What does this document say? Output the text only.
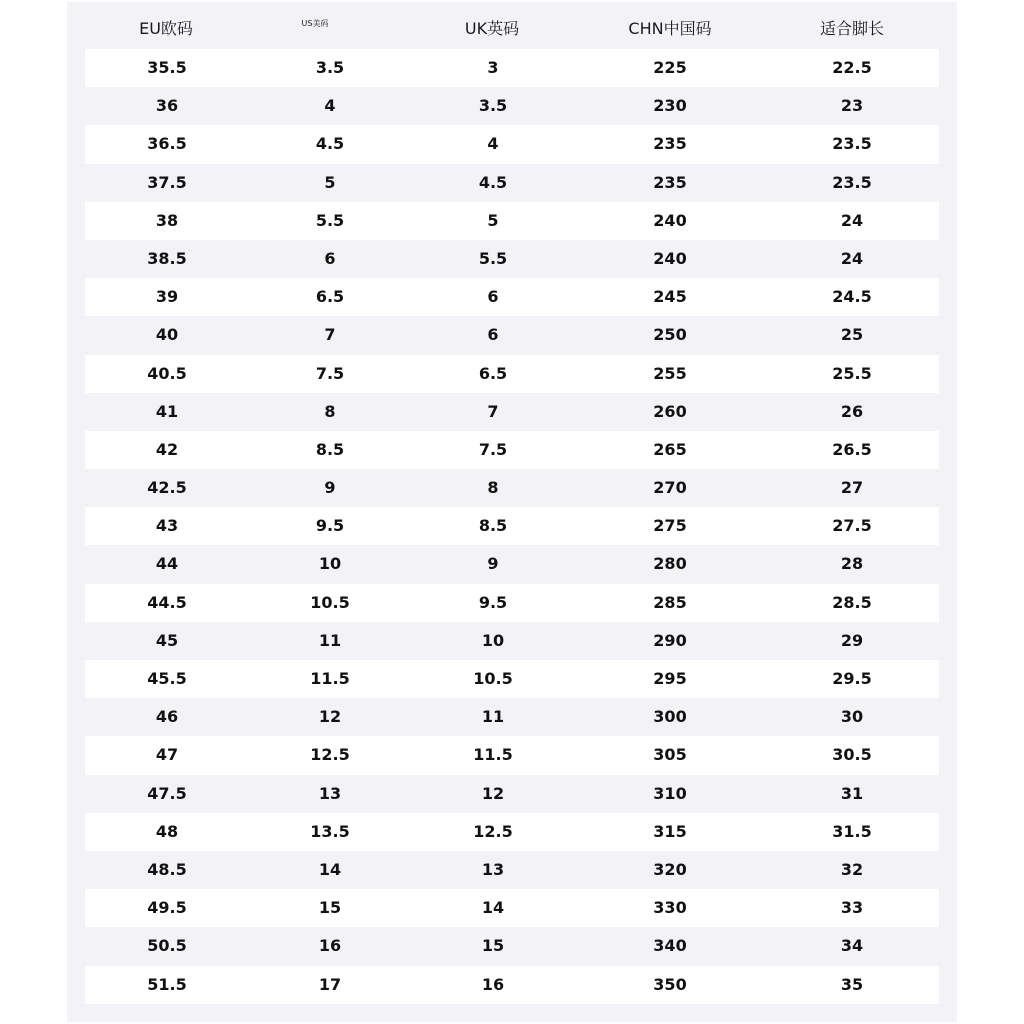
EU欧码	US美码	UK英码	CHN中国码	适合脚长
35.5	3.5	3	225	22.5
36	4	3.5	230	23
36.5	4.5	4	235	23.5
37.5	5	4.5	235	23.5
38	5.5	5	240	24
38.5	6	5.5	240	24
39	6.5	6	245	24.5
40	7	6	250	25
40.5	7.5	6.5	255	25.5
41	8	7	260	26
42	8.5	7.5	265	26.5
42.5	9	8	270	27
43	9.5	8.5	275	27.5
44	10	9	280	28
44.5	10.5	9.5	285	28.5
45	11	10	290	29
45.5	11.5	10.5	295	29.5
46	12	11	300	30
47	12.5	11.5	305	30.5
47.5	13	12	310	31
48	13.5	12.5	315	31.5
48.5	14	13	320	32
49.5	15	14	330	33
50.5	16	15	340	34
51.5	17	16	350	35
